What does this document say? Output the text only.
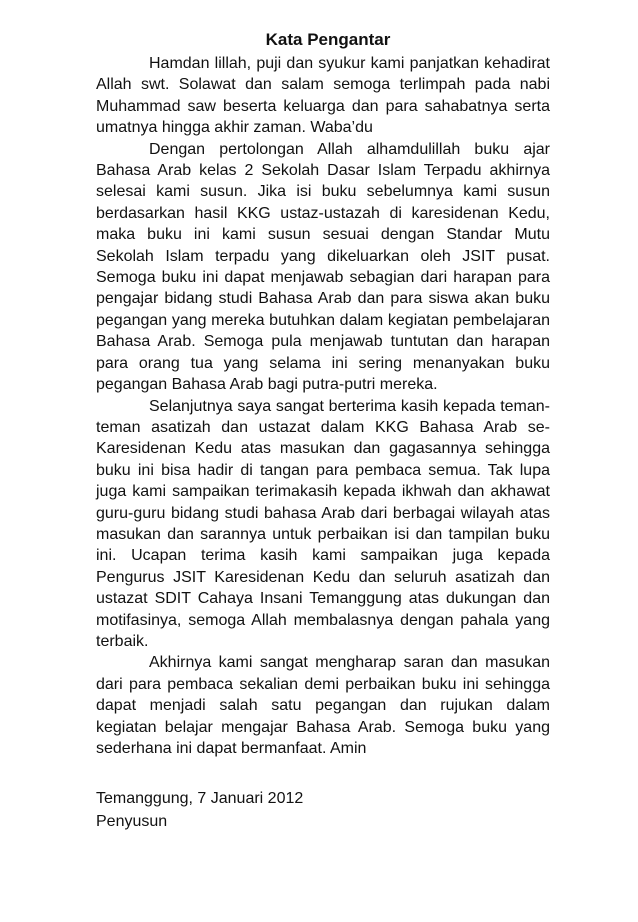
Kata Pengantar

Hamdan lillah, puji dan syukur kami panjatkan kehadirat Allah swt. Solawat dan salam semoga terlimpah pada nabi Muhammad saw beserta keluarga dan para sahabatnya serta umatnya hingga akhir zaman. Waba’du

Dengan pertolongan Allah alhamdulillah buku ajar Bahasa Arab kelas 2 Sekolah Dasar Islam Terpadu akhirnya selesai kami susun. Jika isi buku sebelumnya kami susun berdasarkan hasil KKG ustaz-ustazah di karesidenan Kedu, maka buku ini kami susun sesuai dengan Standar Mutu Sekolah Islam terpadu yang dikeluarkan oleh JSIT pusat. Semoga buku ini dapat menjawab sebagian dari harapan para pengajar bidang studi Bahasa Arab dan para siswa akan buku pegangan yang mereka butuhkan dalam kegiatan pembelajaran Bahasa Arab. Semoga pula menjawab tuntutan dan harapan para orang tua yang selama ini sering menanyakan buku pegangan Bahasa Arab bagi putra-putri mereka.

Selanjutnya saya sangat berterima kasih kepada teman-teman asatizah dan ustazat dalam KKG Bahasa Arab se-Karesidenan Kedu atas masukan dan gagasannya sehingga buku ini bisa hadir di tangan para pembaca semua. Tak lupa juga kami sampaikan terimakasih kepada ikhwah dan akhawat guru-guru bidang studi bahasa Arab dari berbagai wilayah atas masukan dan sarannya untuk perbaikan isi dan tampilan buku ini. Ucapan terima kasih kami sampaikan juga kepada Pengurus JSIT Karesidenan Kedu dan seluruh asatizah dan ustazat SDIT Cahaya Insani Temanggung atas dukungan dan motifasinya, semoga Allah membalasnya dengan pahala yang terbaik.

Akhirnya kami sangat mengharap saran dan masukan dari para pembaca sekalian demi perbaikan buku ini sehingga dapat menjadi salah satu pegangan dan rujukan dalam kegiatan belajar mengajar Bahasa Arab. Semoga buku yang sederhana ini dapat bermanfaat. Amin

Temanggung, 7 Januari 2012
Penyusun
